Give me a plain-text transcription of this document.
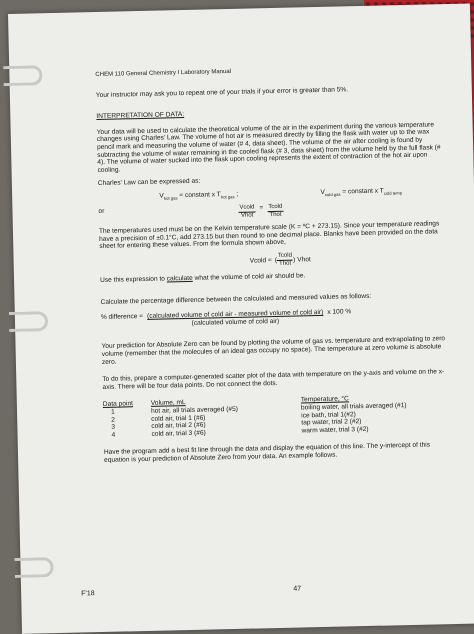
CHEM 110 General Chemistry I Laboratory Manual

Your instructor may ask you to repeat one of your trials if your error is greater than 5%.

INTERPRETATION OF DATA:

Your data will be used to calculate the theoretical volume of the air in the experiment during the various temperature changes using Charles' Law. The volume of hot air is measured directly by filling the flask with water up to the wax pencil mark and measuring the volume of water (# 4, data sheet). The volume of the air after cooling is found by subtracting the volume of water remaining in the cooled flask (# 3, data sheet) from the volume held by the full flask (# 4). The volume of water sucked into the flask upon cooling represents the extent of contraction of the hot air upon cooling.

Charles' Law can be expressed as:

$V_{hot gas}$ = constant x $T_{hot gas}$ ;	$V_{cold gas}$ = constant x $T_{cold temp}$
or	$\frac{\text{Vcold}}{\text{Vhot}} = \frac{\text{Tcold}}{\text{Thot}}$

The temperatures used must be on the Kelvin temperature scale (K = ºC + 273.15). Since your temperature readings have a precision of ±0.1°C, add 273.15 but then round to one decimal place. Blanks have been provided on the data sheet for entering these values. From the formula shown above,

Vcold = ( $\frac{\text{Tcold}}{\text{Thot}}$ ) Vhot

Use this expression to calculate what the volume of cold air should be.

Calculate the percentage difference between the calculated and measured values as follows:

% difference = (calculated volume of cold air - measured volume of cold air)
(calculated volume of cold air)
x 100 %

Your prediction for Absolute Zero can be found by plotting the volume of gas vs. temperature and extrapolating to zero volume (remember that the molecules of an ideal gas occupy no space). The temperature at zero volume is absolute zero.

To do this, prepare a computer-generated scatter plot of the data with temperature on the y-axis and volume on the x-axis. There will be four data points. Do not connect the dots.

Data point	Volume, mL	Temperature, °C
1	hot air, all trials averaged (#5)	boiling water, all trials averaged (#1)
2	cold air, trial 1 (#6)	ice bath, trial 1(#2)
3	cold air, trial 2 (#6)	tap water, trial 2 (#2)
4	cold air, trial 3 (#6)	warm water, trial 3 (#2)

Have the program add a best fit line through the data and display the equation of this line. The y-intercept of this equation is your prediction of Absolute Zero from your data. An example follows.

F'18
47
